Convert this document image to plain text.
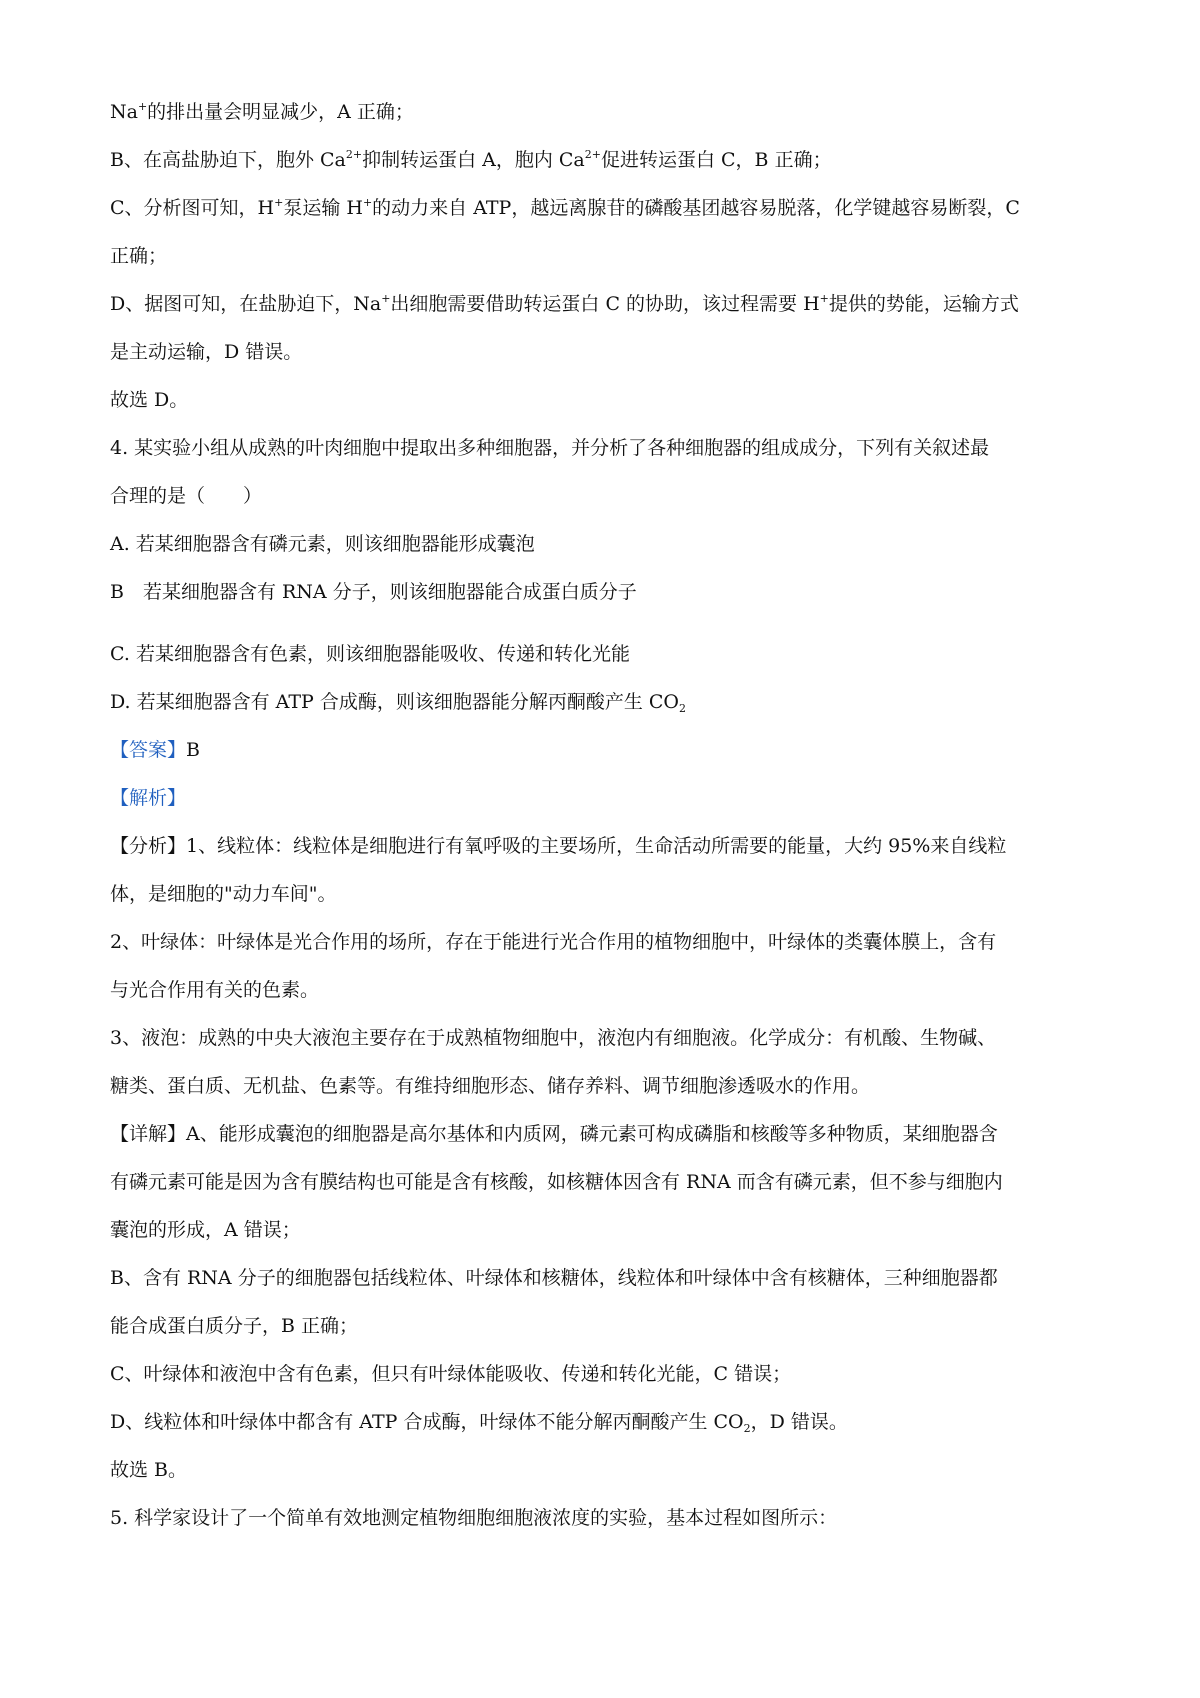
Na+的排出量会明显减少，A 正确；
B、在高盐胁迫下，胞外 $Ca^{2+}$抑制转运蛋白 A，胞内 $Ca^{2+}$促进转运蛋白 C，B 正确；
C、分析图可知，H+泵运输 H+的动力来自 ATP，越远离腺苷的磷酸基团越容易脱落，化学键越容易断裂，C
正确；
D、据图可知，在盐胁迫下，Na+出细胞需要借助转运蛋白 C 的协助，该过程需要 H+提供的势能，运输方式
是主动运输，D 错误。
故选 D。
4. 某实验小组从成熟的叶肉细胞中提取出多种细胞器，并分析了各种细胞器的组成成分，下列有关叙述最
合理的是（　　）
A. 若某细胞器含有磷元素，则该细胞器能形成囊泡
B　若某细胞器含有 RNA 分子，则该细胞器能合成蛋白质分子
C. 若某细胞器含有色素，则该细胞器能吸收、传递和转化光能
D. 若某细胞器含有 ATP 合成酶，则该细胞器能分解丙酮酸产生 $CO_2$
【答案】B
【解析】
【分析】1、线粒体：线粒体是细胞进行有氧呼吸的主要场所，生命活动所需要的能量，大约 95%来自线粒
体，是细胞的"动力车间"。
2、叶绿体：叶绿体是光合作用的场所，存在于能进行光合作用的植物细胞中，叶绿体的类囊体膜上，含有
与光合作用有关的色素。
3、液泡：成熟的中央大液泡主要存在于成熟植物细胞中，液泡内有细胞液。化学成分：有机酸、生物碱、
糖类、蛋白质、无机盐、色素等。有维持细胞形态、储存养料、调节细胞渗透吸水的作用。
【详解】A、能形成囊泡的细胞器是高尔基体和内质网，磷元素可构成磷脂和核酸等多种物质，某细胞器含
有磷元素可能是因为含有膜结构也可能是含有核酸，如核糖体因含有 RNA 而含有磷元素，但不参与细胞内
囊泡的形成，A 错误；
B、含有 RNA 分子的细胞器包括线粒体、叶绿体和核糖体，线粒体和叶绿体中含有核糖体，三种细胞器都
能合成蛋白质分子，B 正确；
C、叶绿体和液泡中含有色素，但只有叶绿体能吸收、传递和转化光能，C 错误；
D、线粒体和叶绿体中都含有 ATP 合成酶，叶绿体不能分解丙酮酸产生 $CO_2$，D 错误。
故选 B。
5. 科学家设计了一个简单有效地测定植物细胞细胞液浓度的实验，基本过程如图所示：
